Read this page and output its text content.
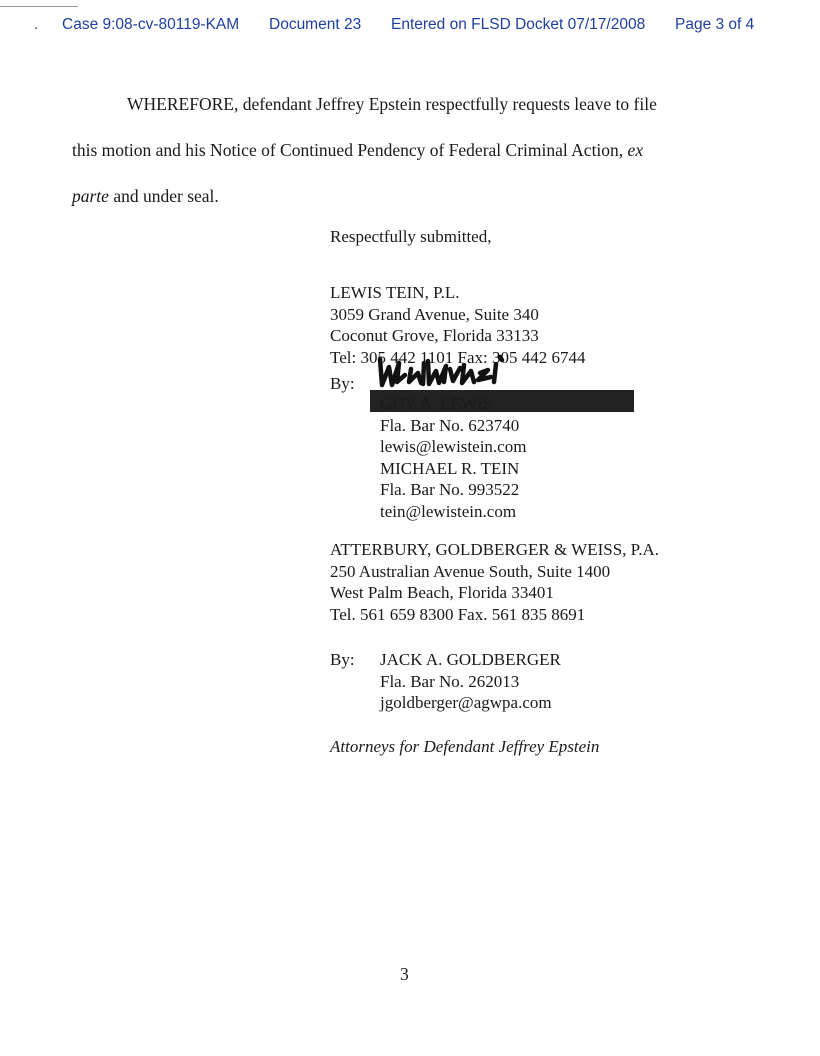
. Case 9:08-cv-80119-KAM Document 23 Entered on FLSD Docket 07/17/2008 Page 3 of 4
WHEREFORE, defendant Jeffrey Epstein respectfully requests leave to file
this motion and his Notice of Continued Pendency of Federal Criminal Action, ex
parte and under seal.
Respectfully submitted,
LEWIS TEIN, P.L.
3059 Grand Avenue, Suite 340
Coconut Grove, Florida 33133
Tel: 305 442 1101 Fax: 305 442 6744
By:
GUY A. LEWIS
Fla. Bar No. 623740
lewis@lewistein.com
MICHAEL R. TEIN
Fla. Bar No. 993522
tein@lewistein.com
ATTERBURY, GOLDBERGER & WEISS, P.A.
250 Australian Avenue South, Suite 1400
West Palm Beach, Florida 33401
Tel. 561 659 8300 Fax. 561 835 8691
By: JACK A. GOLDBERGER
Fla. Bar No. 262013
jgoldberger@agwpa.com
Attorneys for Defendant Jeffrey Epstein
3
